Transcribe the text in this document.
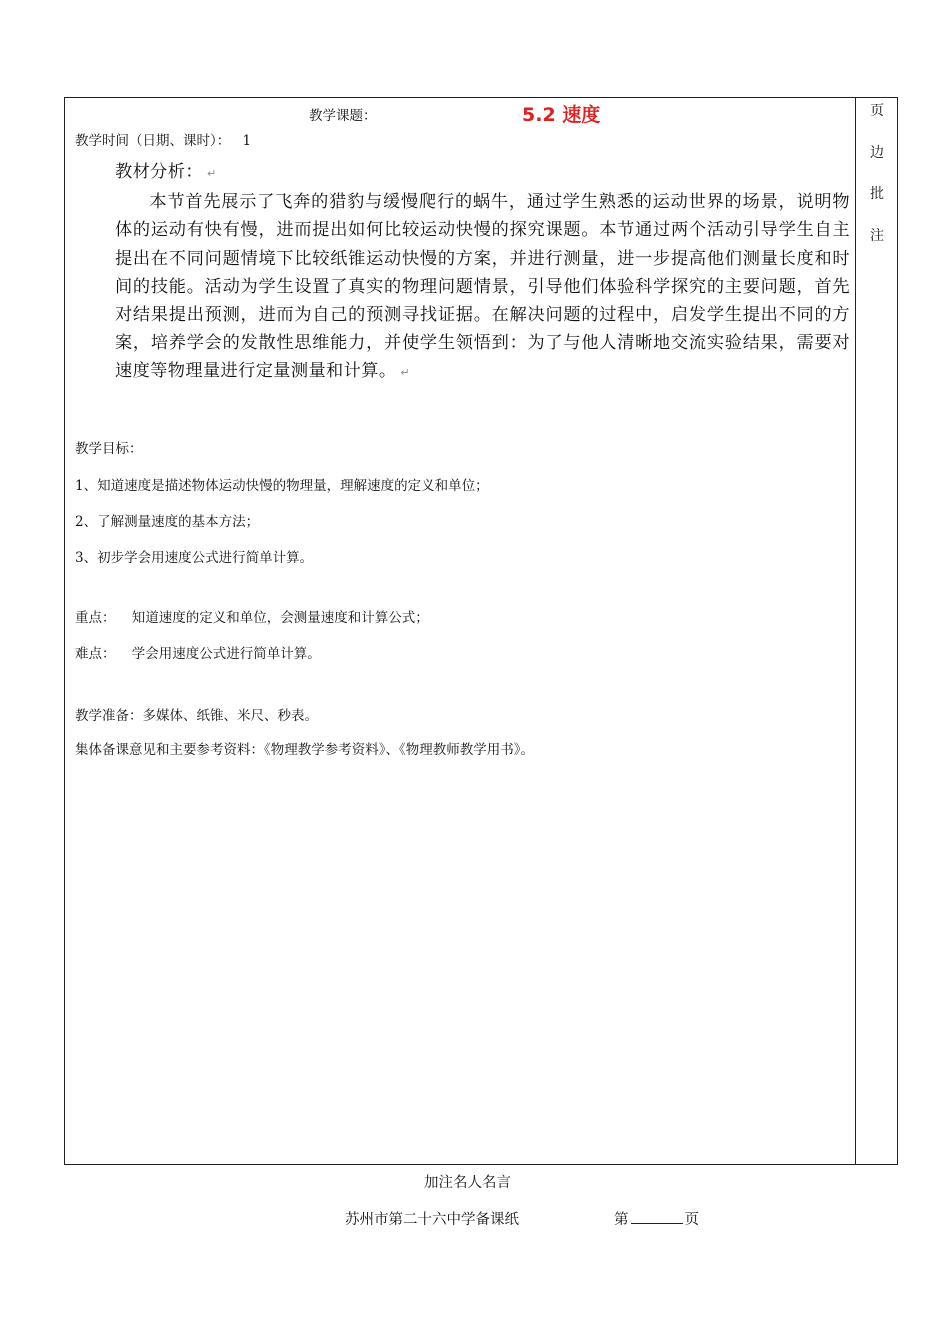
页
边
批
注
教学课题：	5.2 速度
教学时间（日期、课时）： 1

教材分析： ↵

本节首先展示了飞奔的猎豹与缓慢爬行的蜗牛，通过学生熟悉的运动世界的场景，说明物体的运动有快有慢，进而提出如何比较运动快慢的探究课题。本节通过两个活动引导学生自主提出在不同问题情境下比较纸锥运动快慢的方案，并进行测量，进一步提高他们测量长度和时间的技能。活动为学生设置了真实的物理问题情景，引导他们体验科学探究的主要问题，首先对结果提出预测，进而为自己的预测寻找证据。在解决问题的过程中，启发学生提出不同的方案，培养学会的发散性思维能力，并使学生领悟到：为了与他人清晰地交流实验结果，需要对速度等物理量进行定量测量和计算。 ↵

教学目标：
1、知道速度是描述物体运动快慢的物理量，理解速度的定义和单位；
2、了解测量速度的基本方法；
3、初步学会用速度公式进行简单计算。
重点： 知道速度的定义和单位，会测量速度和计算公式；
难点： 学会用速度公式进行简单计算。
教学准备：多媒体、纸锥、米尺、秒表。
集体备课意见和主要参考资料：《物理教学参考资料》、《物理教师教学用书》。
加注名人名言
苏州市第二十六中学备课纸	第	页
